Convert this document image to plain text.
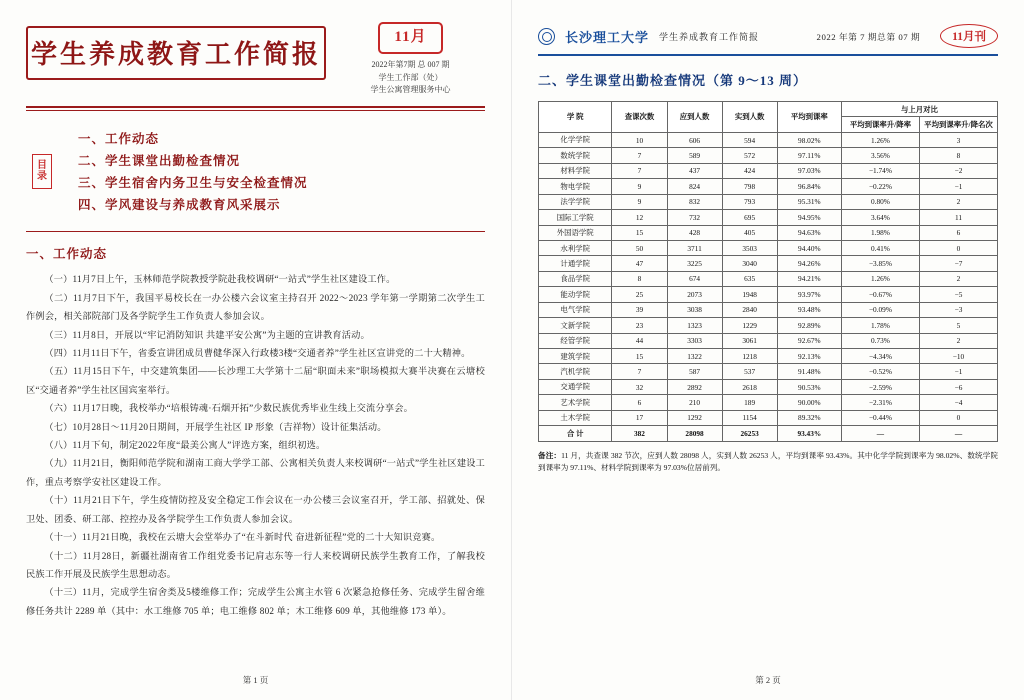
学生养成教育工作简报
11月
2022年第7期 总 007 期
学生工作部（处）
学生公寓管理服务中心
目录
一、工作动态
二、学生课堂出勤检查情况
三、学生宿舍内务卫生与安全检查情况
四、学风建设与养成教育风采展示
一、工作动态

（一）11月7日上午，玉林师范学院教授学院赴我校调研“一站式”学生社区建设工作。

（二）11月7日下午，我国平易校长在一办公楼六会议室主持召开 2022～2023 学年第一学期第二次学生工作例会，相关部院部门及各学院学生工作负责人参加会议。

（三）11月8日，开展以“牢记消防知识 共建平安公寓”为主题的宣讲教育活动。

（四）11月11日下午，省委宣讲团成员曹健华深入行政楼3楼“交通者养”学生社区宣讲党的二十大精神。

（五）11月15日下午，中交建筑集团——长沙理工大学第十二届“职面未来”职场模拟大赛半决赛在云塘校区“交通者养”学生社区国宾室举行。

（六）11月17日晚，我校举办“培根铸魂·石烟开拓”少数民族优秀毕业生线上交流分享会。

（七）10月28日～11月20日期间，开展学生社区 IP 形象（吉祥物）设计征集活动。

（八）11月下旬，制定2022年度“最美公寓人”评选方案，组织初选。

（九）11月21日，衡阳师范学院和湖南工商大学学工部、公寓相关负责人来校调研“一站式”学生社区建设工作，重点考察学安社区建设工作。

（十）11月21日下午，学生疫情防控及安全稳定工作会议在一办公楼三会议室召开，学工部、招就处、保卫处、团委、研工部、控控办及各学院学生工作负责人参加会议。

（十一）11月21日晚，我校在云塘大会堂举办了“在斗新时代 奋进新征程”党的二十大知识竞赛。

（十二）11月28日，新疆社湖南省工作组党委书记肩志东等一行人来校调研民族学生教育工作，了解我校民族工作开展及民族学生思想动态。

（十三）11月，完成学生宿舍类及5楼维修工作；完成学生公寓主水管 6 次紧急抢修任务、完成学生留舍维修任务共计 2289 单（其中：水工维修 705 单；电工维修 802 单；木工维修 609 单，其他维修 173 单）。

第 1 页
长沙理工大学 学生养成教育工作简报	2022 年第 7 期总第 07 期	11月刊
二、学生课堂出勤检查情况（第 9～13 周）
学 院	查课次数	应到人数	实到人数	平均到课率	与上月对比	
					平均到课率升/降率	平均到课率升/降名次
化学学院	10	606	594	98.02%	1.26%	3
数统学院	7	589	572	97.11%	3.56%	8
材料学院	7	437	424	97.03%	−1.74%	−2
物电学院	9	824	798	96.84%	−0.22%	−1
法学学院	9	832	793	95.31%	0.80%	2
国际工学院	12	732	695	94.95%	3.64%	11
外国语学院	15	428	405	94.63%	1.98%	6
水利学院	50	3711	3503	94.40%	0.41%	0
计通学院	47	3225	3040	94.26%	−3.85%	−7
食品学院	8	674	635	94.21%	1.26%	2
能动学院	25	2073	1948	93.97%	−0.67%	−5
电气学院	39	3038	2840	93.48%	−0.09%	−3
文新学院	23	1323	1229	92.89%	1.78%	5
经管学院	44	3303	3061	92.67%	0.73%	2
建筑学院	15	1322	1218	92.13%	−4.34%	−10
汽机学院	7	587	537	91.48%	−0.52%	−1
交通学院	32	2892	2618	90.53%	−2.59%	−6
艺术学院	6	210	189	90.00%	−2.31%	−4
土木学院	17	1292	1154	89.32%	−0.44%	0
合 计	382	28098	26253	93.43%	—	—
备注：11 月，共查课 382 节次，应到人数 28098 人，实到人数 26253 人，平均到课率 93.43%。其中化学学院到课率为 98.02%、数统学院到课率为 97.11%、材料学院到课率为 97.03%位居前列。
第 2 页
